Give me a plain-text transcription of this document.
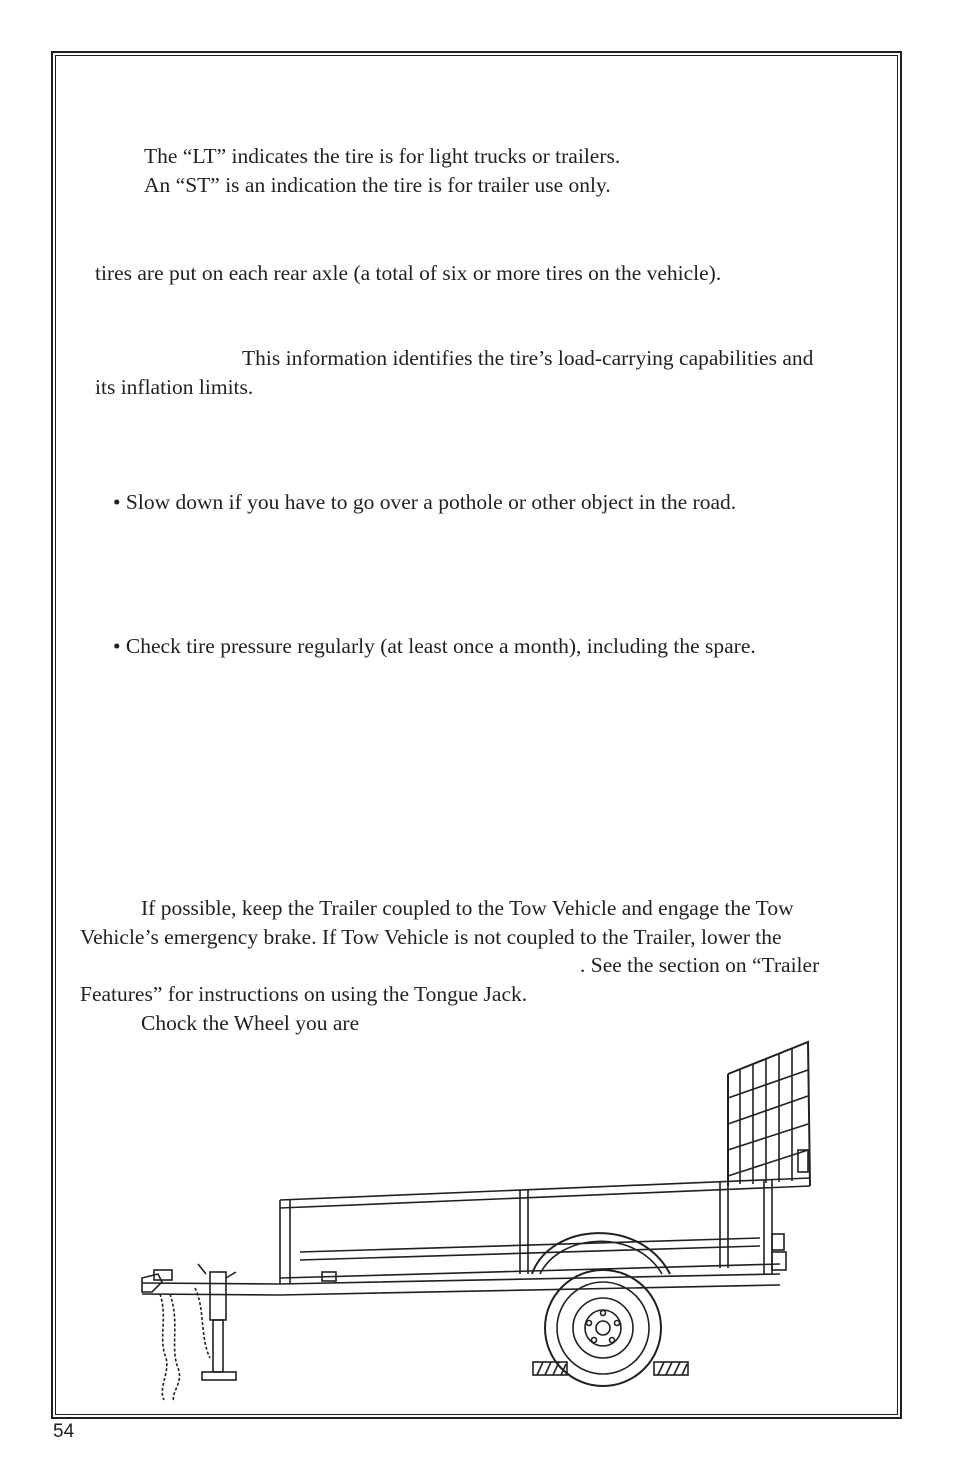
The “LT” indicates the tire is for light trucks or trailers.
An “ST” is an indication the tire is for trailer use only.
tires are put on each rear axle (a total of six or more tires on the vehicle).
This information identifies the tire’s load-carrying capabilities and
its inflation limits.
• Slow down if you have to go over a pothole or other object in the road.
• Check tire pressure regularly (at least once a month), including the spare.
If possible, keep the Trailer coupled to the Tow Vehicle and engage the Tow
Vehicle’s emergency brake. If Tow Vehicle is not coupled to the Trailer, lower the
. See the section on “Trailer
Features” for instructions on using the Tongue Jack.
Chock the Wheel you are
54
